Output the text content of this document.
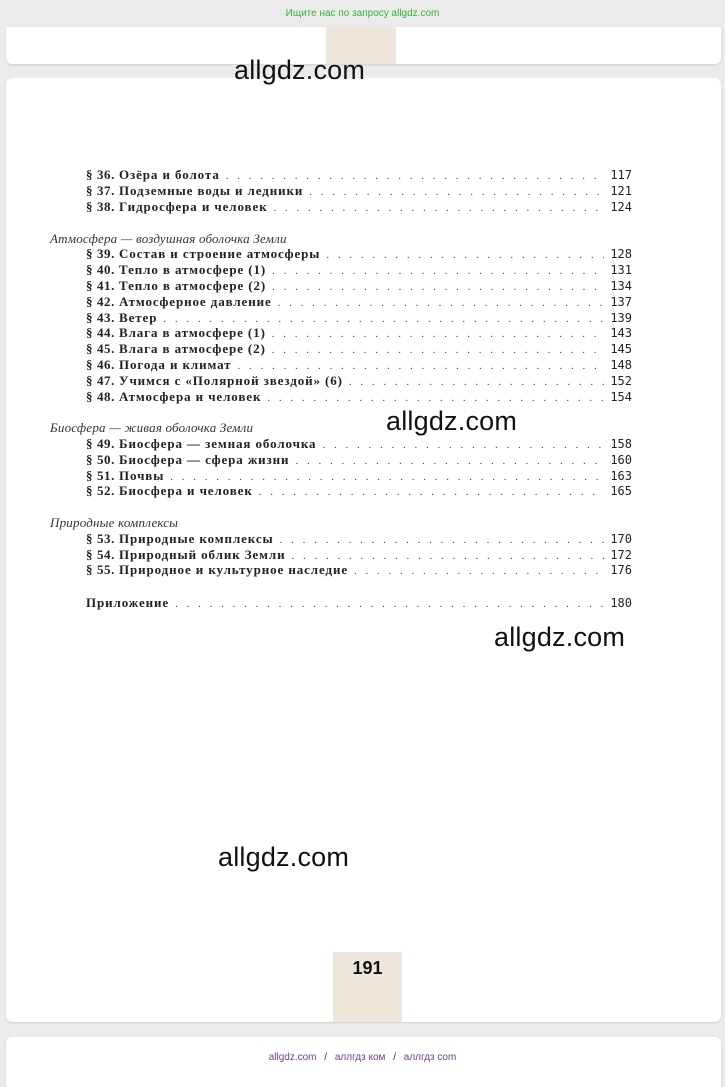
Ищите нас по запросу allgdz.com
allgdz.com
allgdz.com
allgdz.com
allgdz.com
§ 36. Озёра и болота . . .	117
§ 37. Подземные воды и ледники . . .	121
§ 38. Гидросфера и человек . . .	124
Атмосфера — воздушная оболочка Земли
§ 39. Состав и строение атмосферы . . .	128
§ 40. Тепло в атмосфере (1) . . .	131
§ 41. Тепло в атмосфере (2) . . .	134
§ 42. Атмосферное давление . . .	137
§ 43. Ветер . . .	139
§ 44. Влага в атмосфере (1) . . .	143
§ 45. Влага в атмосфере (2) . . .	145
§ 46. Погода и климат . . .	148
§ 47. Учимся с «Полярной звездой» (6) . . .	152
§ 48. Атмосфера и человек . . .	154
Биосфера — живая оболочка Земли
§ 49. Биосфера — земная оболочка . . .	158
§ 50. Биосфера — сфера жизни . . .	160
§ 51. Почвы . . .	163
§ 52. Биосфера и человек . . .	165
Природные комплексы
§ 53. Природные комплексы . . .	170
§ 54. Природный облик Земли . . .	172
§ 55. Природное и культурное наследие . . .	176
Приложение . . .	180
191
allgdz.com / аллгдз ком / аллгдз com
